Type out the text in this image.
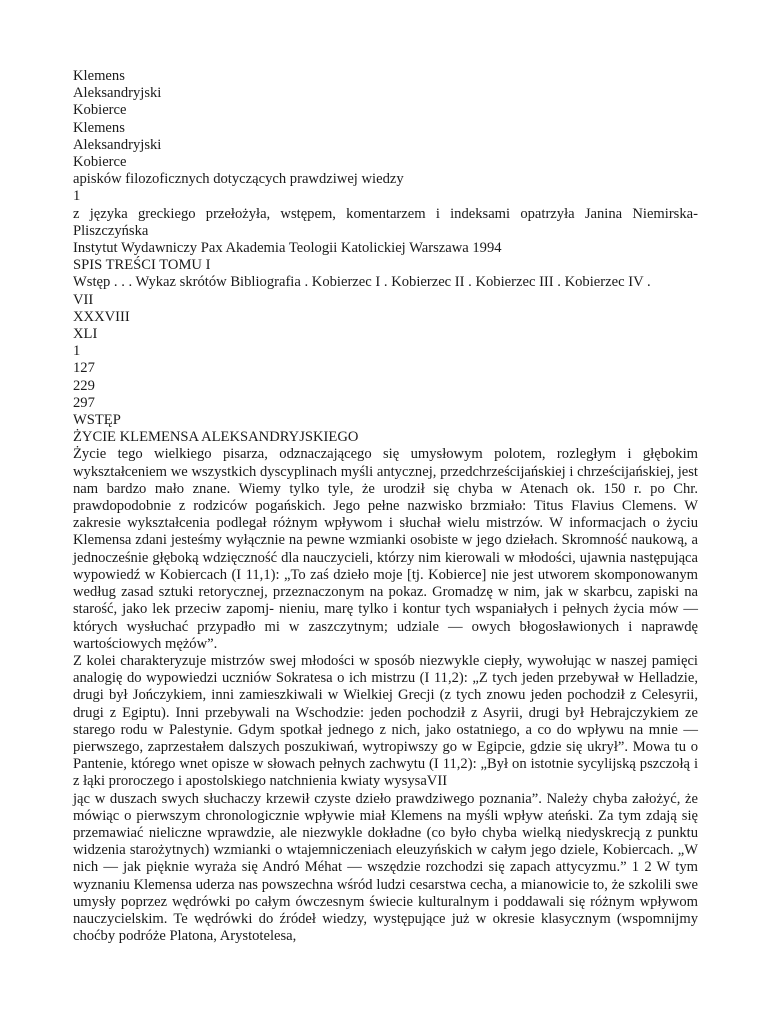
Klemens
Aleksandryjski
Kobierce
Klemens
Aleksandryjski
Kobierce
apisków filozoficznych dotyczących prawdziwej wiedzy
1
z języka greckiego przełożyła, wstępem, komentarzem i indeksami opatrzyła Janina Niemirska-Pliszczyńska
Instytut Wydawniczy Pax Akademia Teologii Katolickiej Warszawa 1994
SPIS TREŚCI TOMU I
Wstęp . . . Wykaz skrótów Bibliografia . Kobierzec I . Kobierzec II . Kobierzec III . Kobierzec IV .
VII
XXXVIII
XLI
1
127
229
297
WSTĘP
ŻYCIE KLEMENSA ALEKSANDRYJSKIEGO
Życie tego wielkiego pisarza, odznaczającego się umysłowym polotem, rozległym i głębokim wykształceniem we wszystkich dyscyplinach myśli antycznej, przedchrześcijańskiej i chrześcijańskiej, jest nam bardzo mało znane. Wiemy tylko tyle, że urodził się chyba w Atenach ok. 150 r. po Chr. prawdopodobnie z rodziców pogańskich. Jego pełne nazwisko brzmiało: Titus Flavius Clemens. W zakresie wykształcenia podlegał różnym wpływom i słuchał wielu mistrzów. W informacjach o życiu Klemensa zdani jesteśmy wyłącznie na pewne wzmianki osobiste w jego dziełach. Skromność naukową, a jednocześnie głęboką wdzięczność dla nauczycieli, którzy nim kierowali w młodości, ujawnia następująca wypowiedź w Kobiercach (I 11,1): „To zaś dzieło moje [tj. Kobierce] nie jest utworem skomponowanym według zasad sztuki retorycznej, przeznaczonym na pokaz. Gromadzę w nim, jak w skarbcu, zapiski na starość, jako lek przeciw zapomj- nieniu, marę tylko i kontur tych wspaniałych i pełnych życia mów — których wysłuchać przypadło mi w zaszczytnym; udziale — owych błogosławionych i naprawdę wartościowych mężów”.
Z kolei charakteryzuje mistrzów swej młodości w sposób niezwykle ciepły, wywołując w naszej pamięci analogię do wypowiedzi uczniów Sokratesa o ich mistrzu (I 11,2): „Z tych jeden przebywał w Helladzie, drugi był Jończykiem, inni zamieszkiwali w Wielkiej Grecji (z tych znowu jeden pochodził z Celesyrii, drugi z Egiptu). Inni przebywali na Wschodzie: jeden pochodził z Asyrii, drugi był Hebrajczykiem ze starego rodu w Palestynie. Gdym spotkał jednego z nich, jako ostatniego, a co do wpływu na mnie — pierwszego, zaprzestałem dalszych poszukiwań, wytropiwszy go w Egipcie, gdzie się ukrył”. Mowa tu o Pantenie, którego wnet opisze w słowach pełnych zachwytu (I 11,2): „Był on istotnie sycylijską pszczołą i z łąki proroczego i apostolskiego natchnienia kwiaty wysysaVII
jąc w duszach swych słuchaczy krzewił czyste dzieło prawdziwego poznania”. Należy chyba założyć, że mówiąc o pierwszym chronologicznie wpływie miał Klemens na myśli wpływ ateński. Za tym zdają się przemawiać nieliczne wprawdzie, ale niezwykle dokładne (co było chyba wielką niedyskrecją z punktu widzenia starożytnych) wzmianki o wtajemniczeniach eleuzyńskich w całym jego dziele, Kobiercach. „W nich — jak pięknie wyraża się Andró Méhat — wszędzie rozchodzi się zapach attycyzmu.” 1 2 W tym wyznaniu Klemensa uderza nas powszechna wśród ludzi cesarstwa cecha, a mianowicie to, że szkolili swe umysły poprzez wędrówki po całym ówczesnym świecie kulturalnym i poddawali się różnym wpływom nauczycielskim. Te wędrówki do źródeł wiedzy, występujące już w okresie klasycznym (wspomnijmy choćby podróże Platona, Arystotelesa,
